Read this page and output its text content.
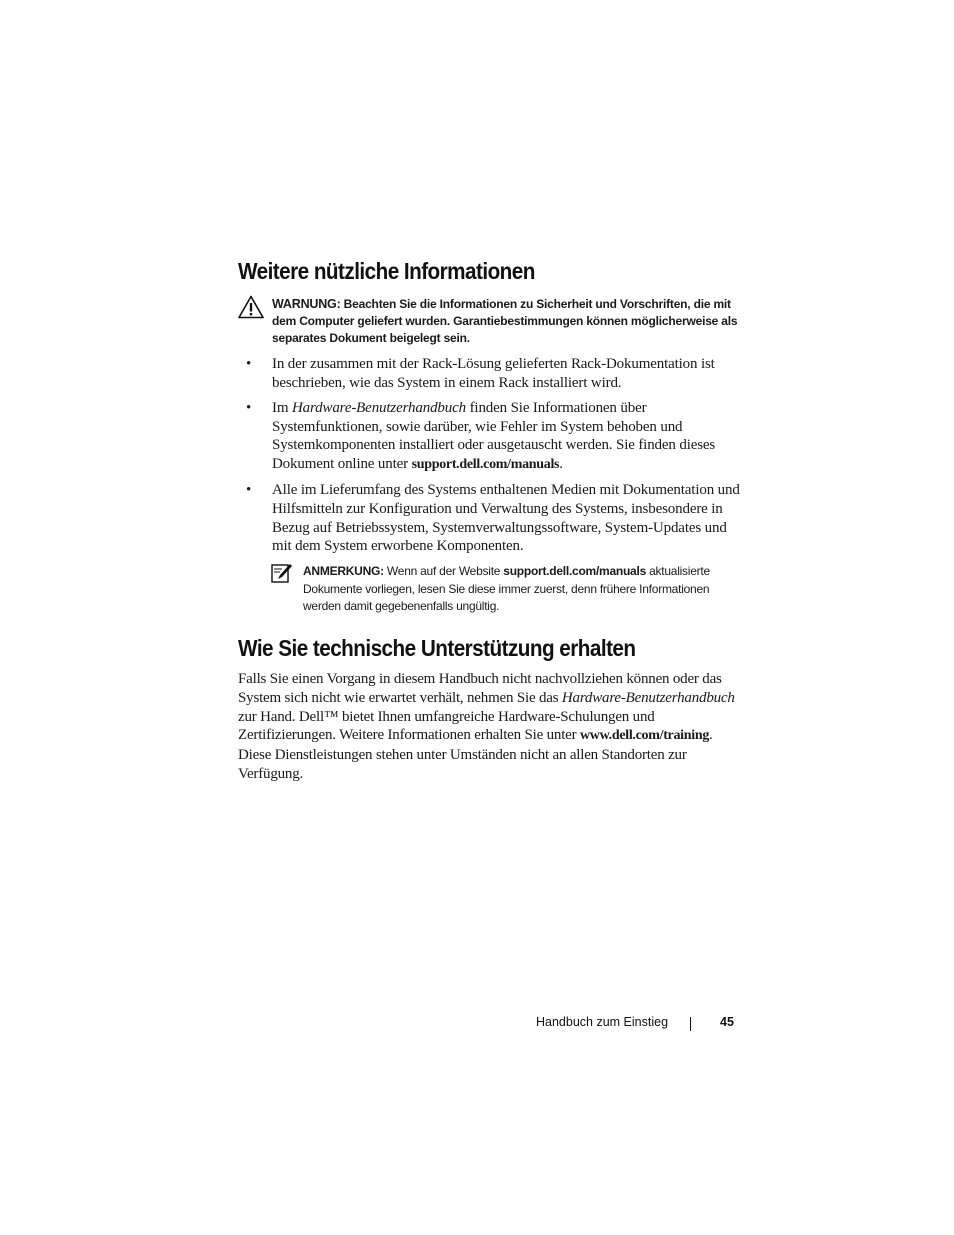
Weitere nützliche Informationen
WARNUNG: Beachten Sie die Informationen zu Sicherheit und Vorschriften, die mit dem Computer geliefert wurden. Garantiebestimmungen können möglicherweise als separates Dokument beigelegt sein.
• In der zusammen mit der Rack-Lösung gelieferten Rack-Dokumentation ist beschrieben, wie das System in einem Rack installiert wird.
• Im Hardware-Benutzerhandbuch finden Sie Informationen über Systemfunktionen, sowie darüber, wie Fehler im System behoben und Systemkomponenten installiert oder ausgetauscht werden. Sie finden dieses Dokument online unter support.dell.com/manuals.
• Alle im Lieferumfang des Systems enthaltenen Medien mit Dokumentation und Hilfsmitteln zur Konfiguration und Verwaltung des Systems, insbesondere in Bezug auf Betriebssystem, Systemverwaltungssoftware, System-Updates und mit dem System erworbene Komponenten.
ANMERKUNG: Wenn auf der Website support.dell.com/manuals aktualisierte Dokumente vorliegen, lesen Sie diese immer zuerst, denn frühere Informationen werden damit gegebenenfalls ungültig.
Wie Sie technische Unterstützung erhalten
Falls Sie einen Vorgang in diesem Handbuch nicht nachvollziehen können oder das System sich nicht wie erwartet verhält, nehmen Sie das Hardware-Benutzerhandbuch zur Hand. Dell™ bietet Ihnen umfangreiche Hardware-Schulungen und Zertifizierungen. Weitere Informationen erhalten Sie unter www.dell.com/training. Diese Dienstleistungen stehen unter Umständen nicht an allen Standorten zur Verfügung.
Handbuch zum Einstieg	45
